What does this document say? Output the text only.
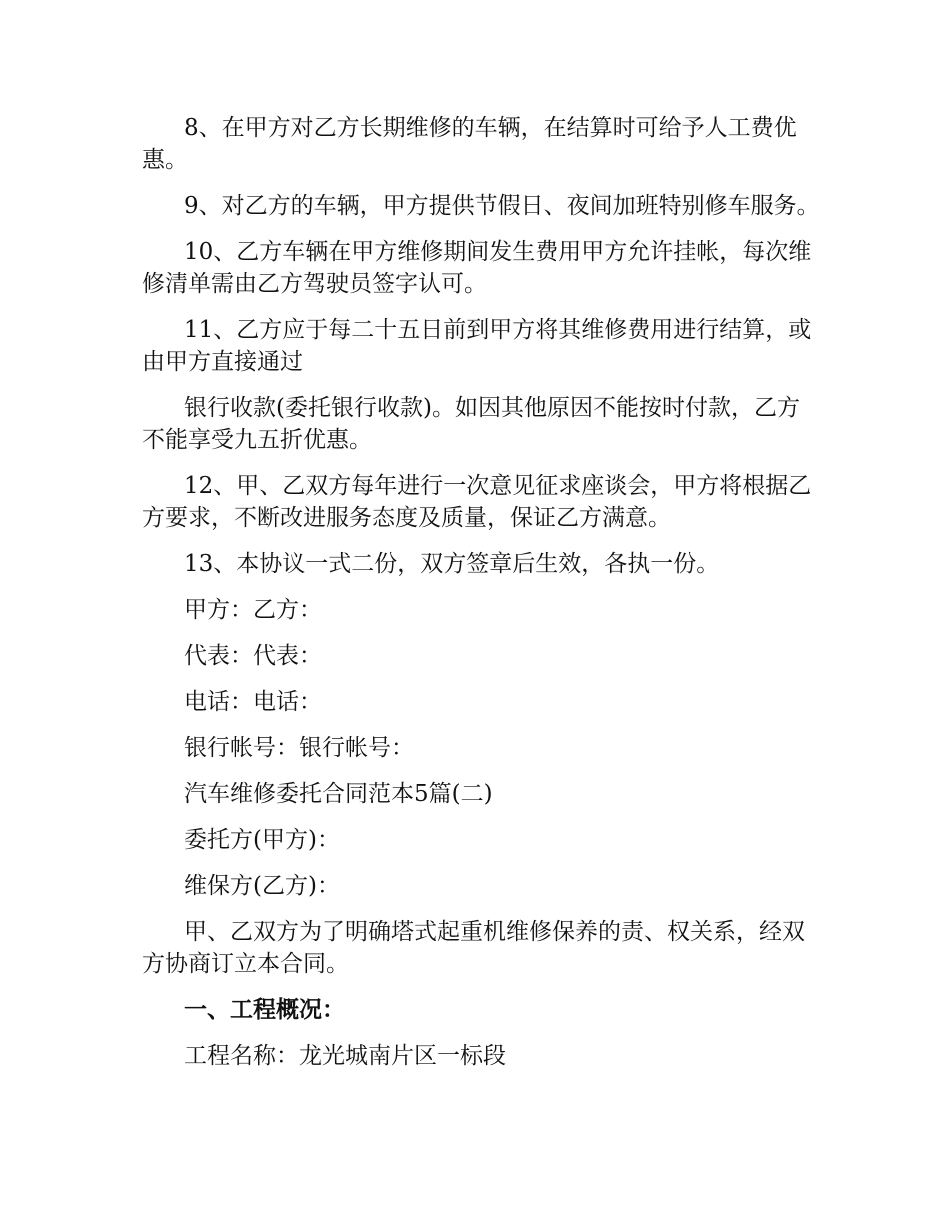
8、在甲方对乙方长期维修的车辆，在结算时可给予人工费优惠。

9、对乙方的车辆，甲方提供节假日、夜间加班特别修车服务。

10、乙方车辆在甲方维修期间发生费用甲方允许挂帐，每次维修清单需由乙方驾驶员签字认可。

11、乙方应于每二十五日前到甲方将其维修费用进行结算，或由甲方直接通过

银行收款(委托银行收款)。如因其他原因不能按时付款，乙方不能享受九五折优惠。

12、甲、乙双方每年进行一次意见征求座谈会，甲方将根据乙方要求，不断改进服务态度及质量，保证乙方满意。

13、本协议一式二份，双方签章后生效，各执一份。

甲方：乙方：

代表：代表：

电话：电话：

银行帐号：银行帐号：

汽车维修委托合同范本5篇(二)

委托方(甲方)：

维保方(乙方)：

甲、乙双方为了明确塔式起重机维修保养的责、权关系，经双方协商订立本合同。

一、工程概况：

工程名称：龙光城南片区一标段
